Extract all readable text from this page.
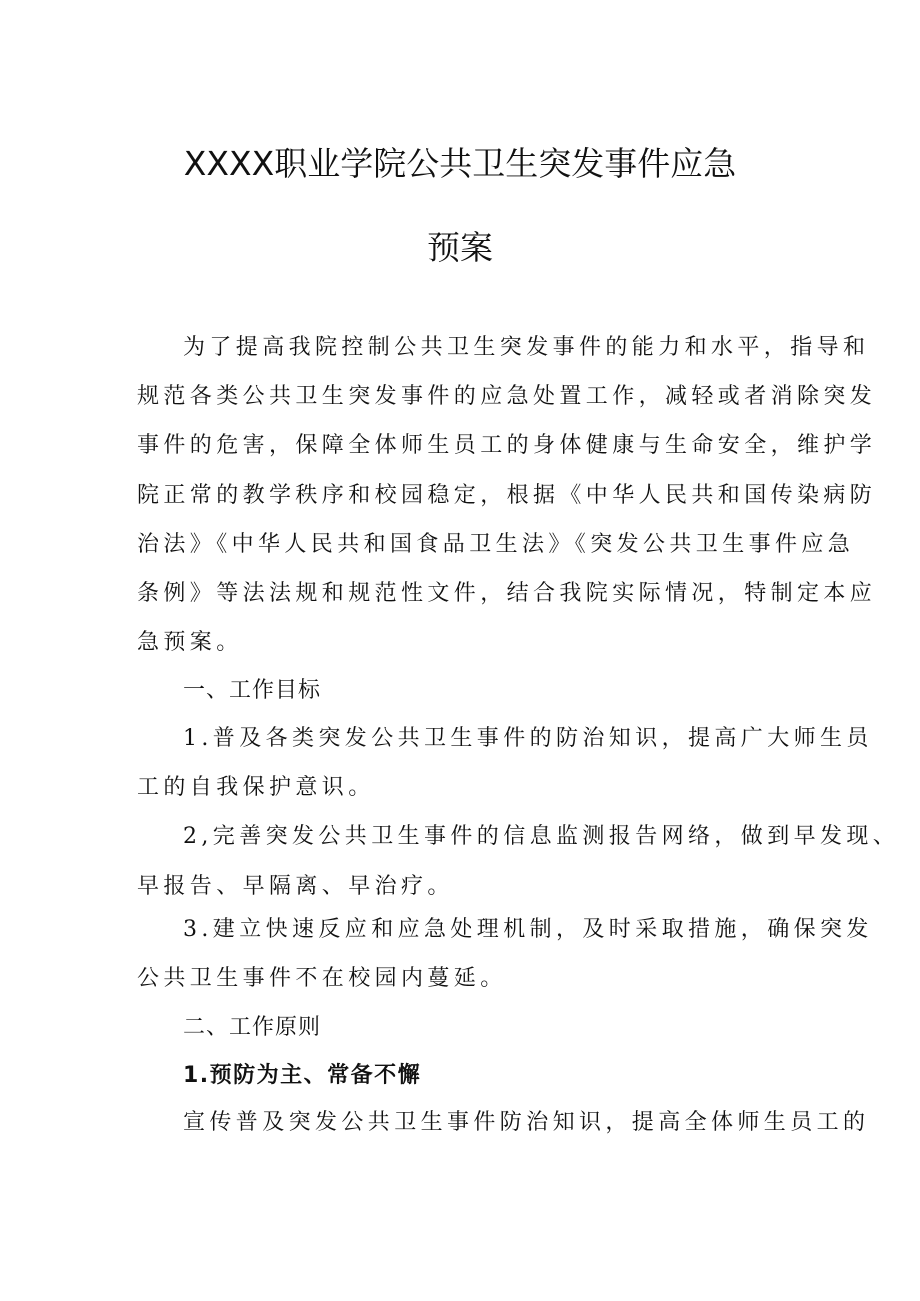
XXXX职业学院公共卫生突发事件应急
预案
为了提高我院控制公共卫生突发事件的能力和水平，指导和
规范各类公共卫生突发事件的应急处置工作，减轻或者消除突发
事件的危害，保障全体师生员工的身体健康与生命安全，维护学
院正常的教学秩序和校园稳定，根据《中华人民共和国传染病防
治法》《中华人民共和国食品卫生法》《突发公共卫生事件应急
条例》等法法规和规范性文件，结合我院实际情况，特制定本应
急预案。
一、工作目标
1.普及各类突发公共卫生事件的防治知识，提高广大师生员
工的自我保护意识。
2,完善突发公共卫生事件的信息监测报告网络，做到早发现、
早报告、早隔离、早治疗。
3.建立快速反应和应急处理机制，及时采取措施，确保突发
公共卫生事件不在校园内蔓延。
二、工作原则
1.预防为主、常备不懈
宣传普及突发公共卫生事件防治知识，提高全体师生员工的
